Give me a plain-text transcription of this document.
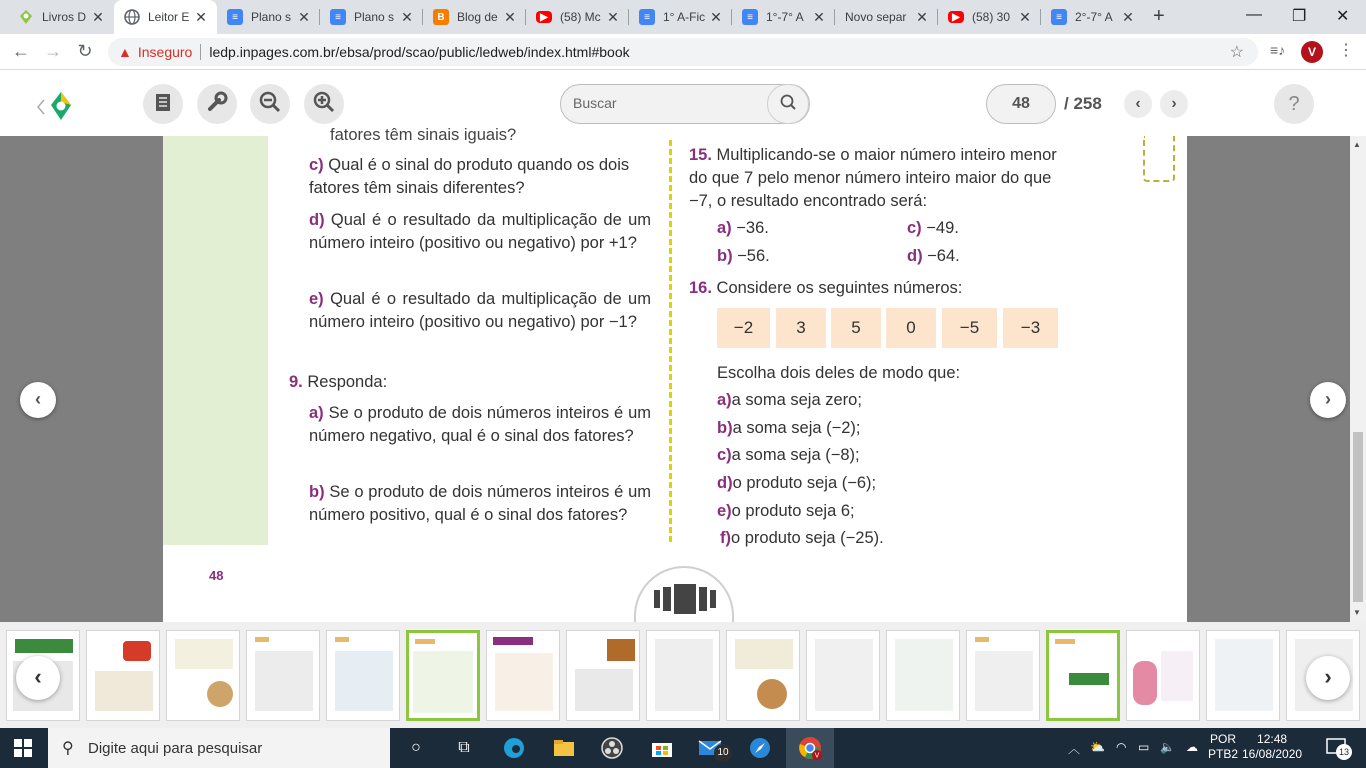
Livros D ✕	Leitor E ✕	≡	Plano s ✕	≡	Plano s ✕	B	Blog de ✕	▶	(58) Mc ✕	≡	1° A-Fic ✕	≡	1°-7° A ✕ Novo separ ✕	▶	(58) 30 ✕	≡	2°-7° A ✕ +	— ❐ ✕
← → ↻ ▲ Inseguro ledp.inpages.com.br/ebsa/prod/scao/public/ledweb/index.html#book	☆ ≡♪	V	⋮
Buscar
48	/ 258	‹	›	?
fatores têm sinais iguais?
c) Qual é o sinal do produto quando os dois fatores têm sinais diferentes?
d) Qual é o resultado da multiplicação de um número inteiro (positivo ou negativo) por +1?
e) Qual é o resultado da multiplicação de um número inteiro (positivo ou negativo) por −1?
9. Responda:
a) Se o produto de dois números inteiros é um número negativo, qual é o sinal dos fatores?
b) Se o produto de dois números inteiros é um número positivo, qual é o sinal dos fatores?
48
15. Multiplicando-se o maior número inteiro menor do que 7 pelo menor número inteiro maior do que −7, o resultado encontrado será:
a) −36.	c) −49.
b) −56.	d) −64.
16. Considere os seguintes números:
−2	3	5	0	−5	−3
Escolha dois deles de modo que:
a)a soma seja zero;
b)a soma seja (−2);
c)a soma seja (−8);
d)o produto seja (−6);
e)o produto seja 6;
f)o produto seja (−25).
▲
▼
‹	›
‹	›
⚲ Digite aqui para pesquisar	○	⧉	10	V
︿ ⛅ ◠ ▭ 🔈 ☁
POR
PTB2
12:48
16/08/2020	13
